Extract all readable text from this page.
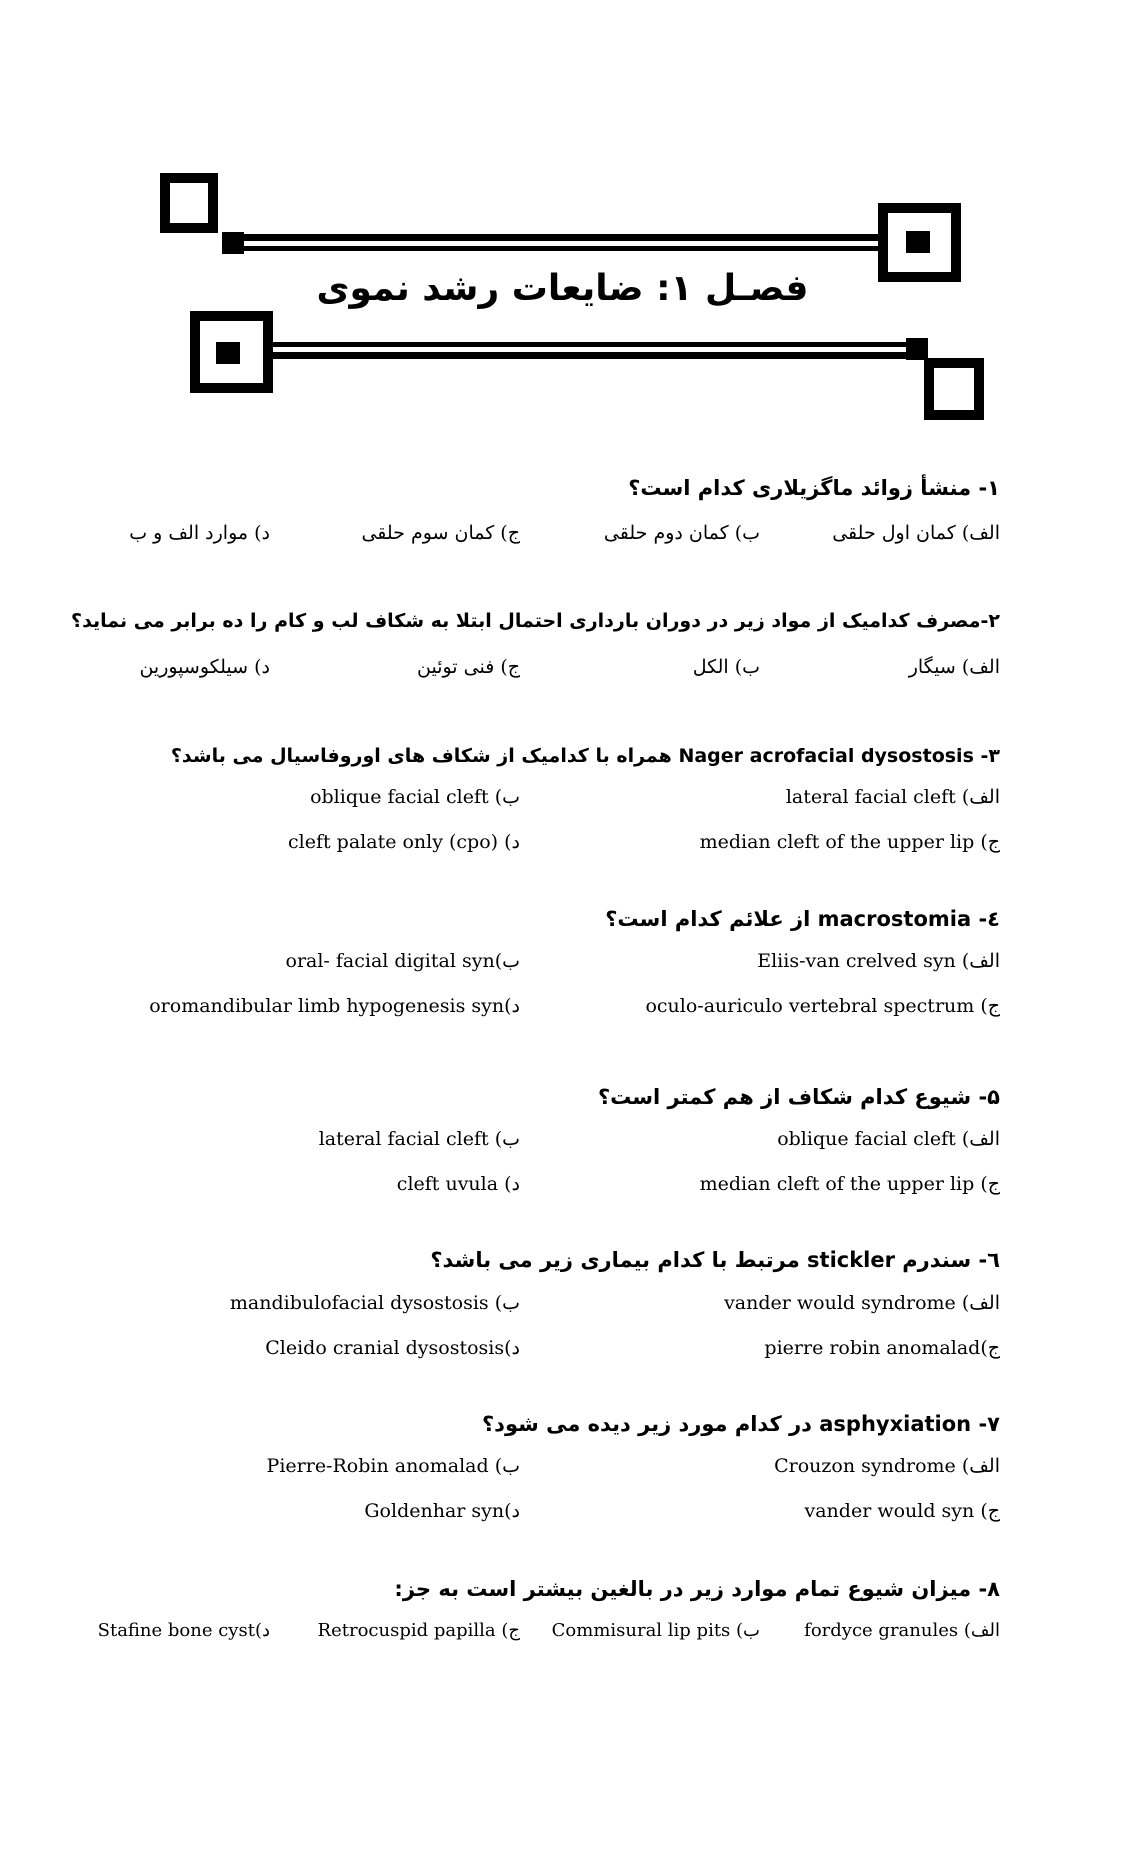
فصـل ۱: ضایعات رشد نموی
۱- منشأ زوائد ماگزیلاری کدام است؟
الف) کمان اول حلقی
ب) کمان دوم حلقی
ج) کمان سوم حلقی
د) موارد الف و ب
۲-مصرف کدامیک از مواد زیر در دوران بارداری احتمال ابتلا به شکاف لب و کام را ده برابر می نماید؟
الف) سیگار
ب) الکل
ج) فنی توئین
د) سیلکوسپورین
۳- Nager acrofacial dysostosis همراه با کدامیک از شکاف های اوروفاسیال می باشد؟
الف) lateral facial cleft
ب) oblique facial cleft
ج) median cleft of the upper lip
د) cleft palate only (cpo)
٤- macrostomia از علائم کدام است؟
الف) Eliis-van crelved syn
ب)oral- facial digital syn
ج) oculo-auriculo vertebral spectrum
د)oromandibular limb hypogenesis syn
۵- شیوع کدام شکاف از هم کمتر است؟
الف) oblique facial cleft
ب) lateral facial cleft
ج) median cleft of the upper lip
د) cleft uvula
٦- سندرم stickler مرتبط با کدام بیماری زیر می باشد؟
الف) vander would syndrome
ب) mandibulofacial dysostosis
ج)pierre robin anomalad
د)Cleido cranial dysostosis
۷- asphyxiation در کدام مورد زیر دیده می شود؟
الف) Crouzon syndrome
ب) Pierre-Robin anomalad
ج) vander would syn
د)Goldenhar syn
۸- میزان شیوع تمام موارد زیر در بالغین بیشتر است به جز:
الف) fordyce granules
ب) Commisural lip pits
ج) Retrocuspid papilla
د)Stafine bone cyst
